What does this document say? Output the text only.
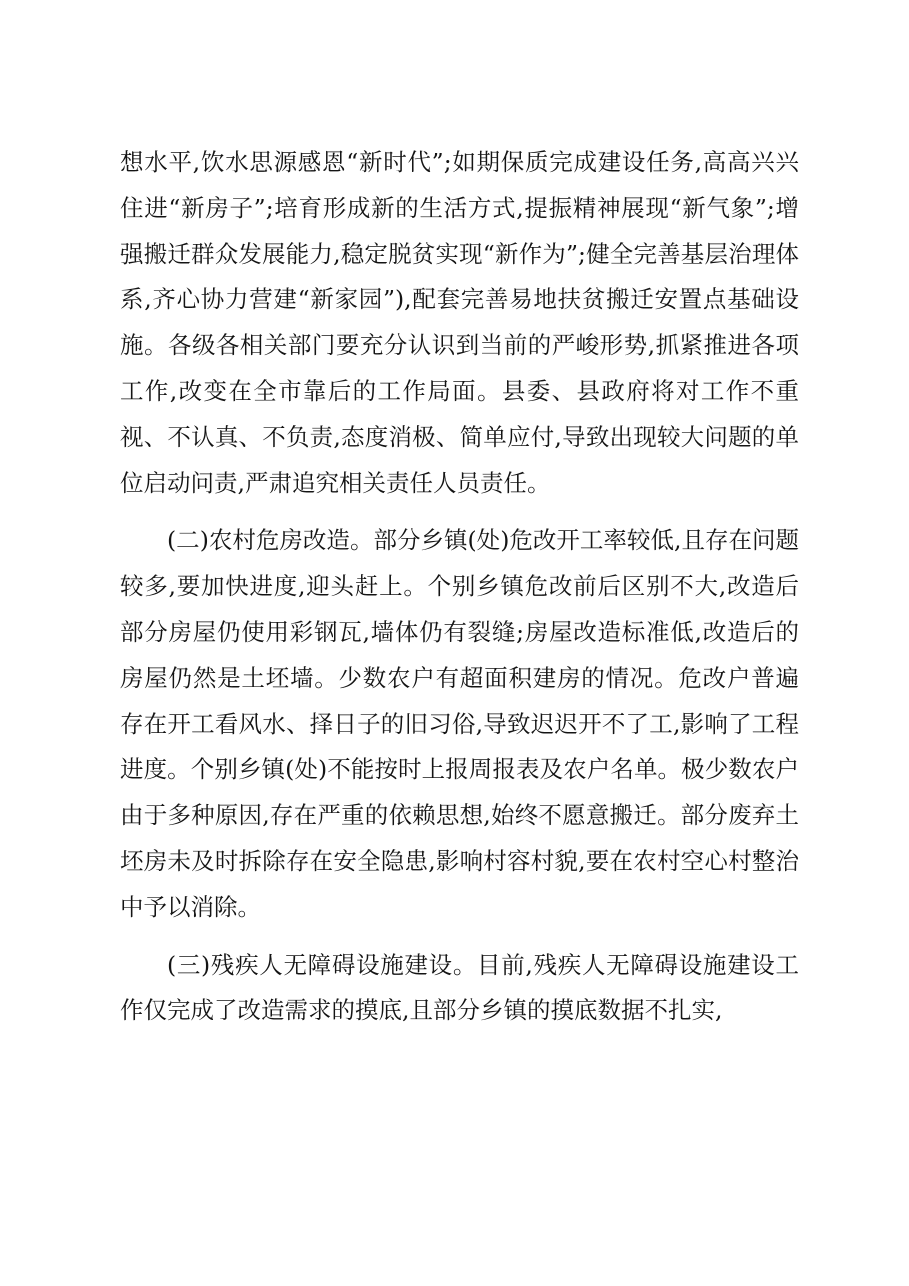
想水平,饮水思源感恩“新时代”;如期保质完成建设任务,高高兴兴住进“新房子”;培育形成新的生活方式,提振精神展现“新气象”;增强搬迁群众发展能力,稳定脱贫实现“新作为”;健全完善基层治理体系,齐心协力营建“新家园”),配套完善易地扶贫搬迁安置点基础设施。各级各相关部门要充分认识到当前的严峻形势,抓紧推进各项工作,改变在全市靠后的工作局面。县委、县政府将对工作不重视、不认真、不负责,态度消极、简单应付,导致出现较大问题的单位启动问责,严肃追究相关责任人员责任。

(二)农村危房改造。部分乡镇(处)危改开工率较低,且存在问题较多,要加快进度,迎头赶上。个别乡镇危改前后区别不大,改造后部分房屋仍使用彩钢瓦,墙体仍有裂缝;房屋改造标准低,改造后的房屋仍然是土坯墙。少数农户有超面积建房的情况。危改户普遍存在开工看风水、择日子的旧习俗,导致迟迟开不了工,影响了工程进度。个别乡镇(处)不能按时上报周报表及农户名单。极少数农户由于多种原因,存在严重的依赖思想,始终不愿意搬迁。部分废弃土坯房未及时拆除存在安全隐患,影响村容村貌,要在农村空心村整治中予以消除。

(三)残疾人无障碍设施建设。目前,残疾人无障碍设施建设工作仅完成了改造需求的摸底,且部分乡镇的摸底数据不扎实,
